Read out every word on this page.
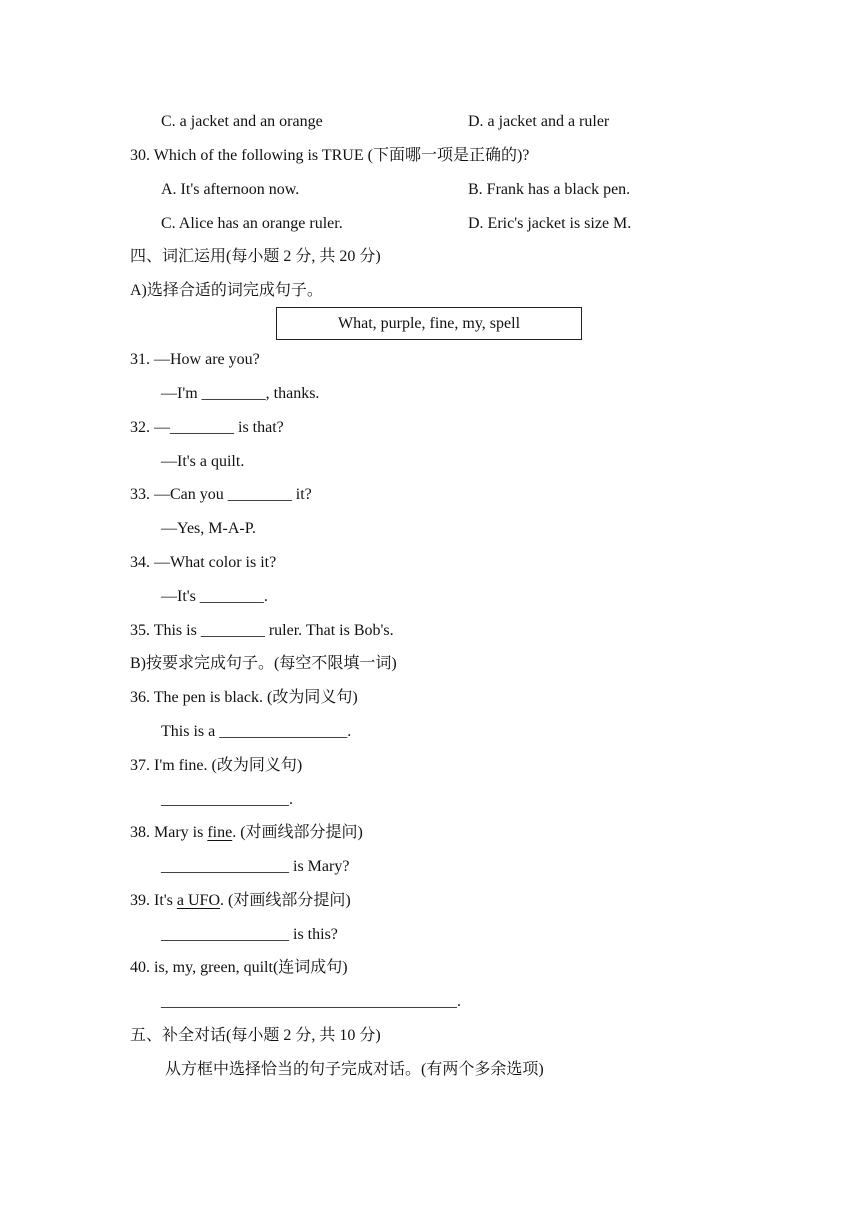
C. a jacket and an orange	D. a jacket and a ruler
30. Which of the following is TRUE (下面哪一项是正确的)?
A. It's afternoon now.	B. Frank has a black pen.
C. Alice has an orange ruler.	D. Eric's jacket is size M.
四、词汇运用(每小题 2 分, 共 20 分)
A)选择合适的词完成句子。
What, purple, fine, my, spell
31. —How are you?
—I'm ________, thanks.
32. —________ is that?
—It's a quilt.
33. —Can you ________ it?
—Yes, M-A-P.
34. —What color is it?
—It's ________.
35. This is ________ ruler. That is Bob's.
B)按要求完成句子。(每空不限填一词)
36. The pen is black. (改为同义句)
This is a ________________.
37. I'm fine. (改为同义句)
________________.
38. Mary is fine. (对画线部分提问)
________________ is Mary?
39. It's a UFO. (对画线部分提问)
________________ is this?
40. is, my, green, quilt(连词成句)
_____________________________________.
五、补全对话(每小题 2 分, 共 10 分)
从方框中选择恰当的句子完成对话。(有两个多余选项)
